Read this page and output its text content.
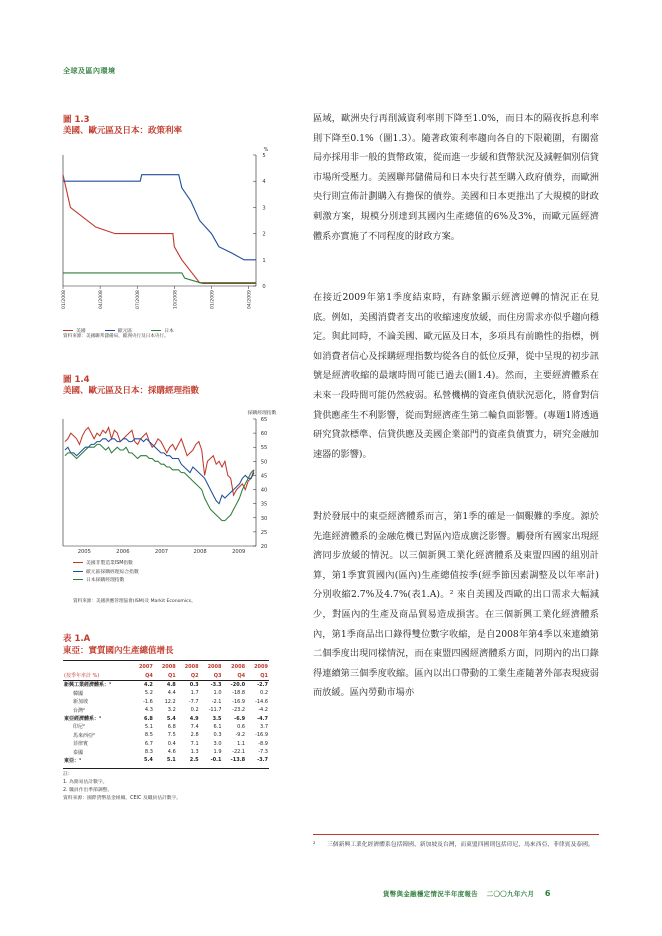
全球及區內環境
圖 1.3
美國、歐元區及日本：政策利率
%
0
1
2
3
4
5
01/2008	04/2008	07/2008	10/2008	01/2009	04/2009
美國	歐元區	日本
資料來源：美國聯邦儲備局、歐洲央行及日本央行。
圖 1.4
美國、歐元區及日本：採購經理指數
採購經理指數
20
25
30
35
40
45
50
55
60
65
2005	2006	2007	2008	2009
美國非製造業ISM指數
歐元區採購經理綜合指數
日本採購經理指數
資料來源：美國供應管理協會(ISM)及 Markit Economics。
表 1.A
東亞：實質國內生產總值增長
	2007	2008	2008	2008	2008	2009
(按季年率計 %)	Q4	Q1	Q2	Q3	Q4	Q1
新興工業經濟體系：¹	4.2	4.8	0.3	-3.3	-20.0	-2.7
韓國	5.2	4.4	1.7	1.0	-18.8	0.2
新加坡	-1.6	12.2	-7.7	-2.1	-16.9	-14.6
台灣²	4.3	3.2	0.2	-11.7	-23.2	-4.2
東亞經濟體系：¹	6.8	5.4	4.9	3.5	-6.9	-4.7
印尼²	5.1	6.8	7.4	6.1	0.6	3.7
馬來西亞²	8.5	7.5	2.8	0.3	-9.2	-16.9
菲律賓	6.7	0.4	7.1	3.0	1.1	-8.9
泰國	8.3	4.6	1.3	1.9	-22.1	-7.3
東亞：¹	5.4	5.1	2.5	-0.1	-13.8	-3.7
註：
1. 為簡易估計數字。
2. 職員作出季節調整。
資料來源：國際貨幣基金組織、CEIC 及職員估計數字。
區域，歐洲央行再削減資利率則下降至1.0%，而日本的隔夜拆息利率則下降至0.1%（圖1.3）。隨著政策利率趨向各自的下限範圍，有關當局亦採用非一般的貨幣政策，從而進一步緩和貨幣狀況及減輕個別信貸市場所受壓力。美國聯邦儲備局和日本央行甚至購入政府債券，而歐洲央行則宣佈計劃購入有擔保的債券。美國和日本更推出了大規模的財政刺激方案，規模分別達到其國內生產總值的6%及3%，而歐元區經濟體系亦實施了不同程度的財政方案。
在接近2009年第1季度結束時，有跡象顯示經濟逆轉的情況正在見底。例如，美國消費者支出的收縮速度放緩，而住房需求亦似乎趨向穩定。與此同時，不論美國、歐元區及日本，多項具有前瞻性的指標，例如消費者信心及採購經理指數均從各自的低位反彈，從中呈現的初步訊號是經濟收縮的最壞時間可能已過去(圖1.4)。然而，主要經濟體系在未來一段時間可能仍然疲弱。私營機構的資產負債狀況惡化，將會對信貸供應產生不利影響，從而對經濟產生第二輪負面影響。(專題1將透過研究貸款標準、信貸供應及美國企業部門的資產負債實力，研究金融加速器的影響)。
對於發展中的東亞經濟體系而言，第1季的確是一個艱難的季度。源於先進經濟體系的金融危機已對區內造成廣泛影響。觸發所有國家出現經濟同步放緩的情況。以三個新興工業化經濟體系及東盟四國的組別計算，第1季實質國內(區內)生產總值按季(經季節因素調整及以年率計)分別收縮2.7%及4.7%(表1.A)。² 來自美國及西歐的出口需求大幅減少，對區內的生產及商品貿易造成損害。在三個新興工業化經濟體系內，第1季商品出口錄得雙位數字收縮，是自2008年第4季以來連續第二個季度出現同樣情況，而在東盟四國經濟體系方面，同期內的出口錄得連續第三個季度收縮。區內以出口帶動的工業生產隨著外部表現疲弱而放緩。區內勞動市場亦
² 三個新興工業化經濟體系包括韓國、新加坡及台灣，而東盟四國則包括印尼、馬來西亞、菲律賓及泰國。
貨幣與金融穩定情況半年度報告 二〇〇九年六月 6
